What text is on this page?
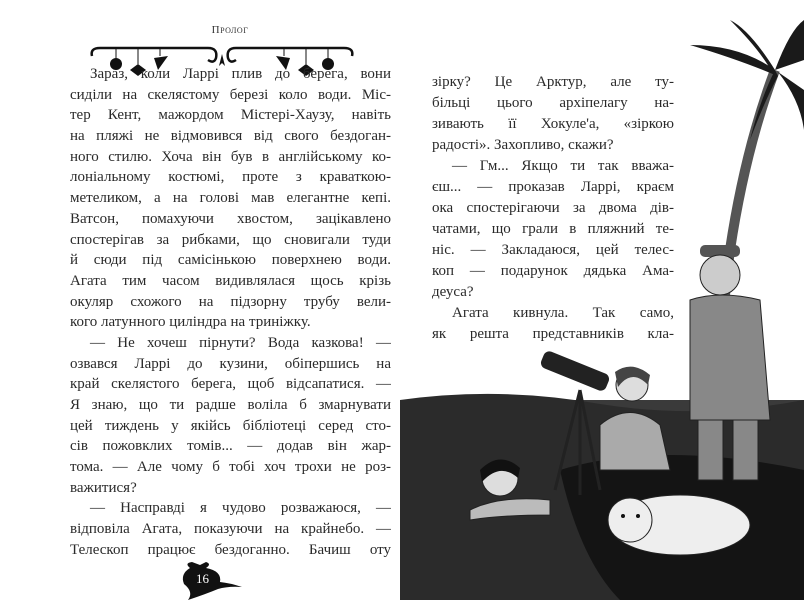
Пролог
Зараз, коли Ларрі плив до берега, вони
сиділи на скелястому березі коло води. Міс-
тер Кент, мажордом Містері-Хаузу, навіть
на пляжі не відмовився від свого бездоган-
ного стилю. Хоча він був в англійському ко-
лоніальному костюмі, проте з краваткою-
метеликом, а на голові мав елегантне кепі.
Ватсон, помахуючи хвостом, зацікавлено
спостерігав за рибками, що сновигали туди
й сюди під самісінькою поверхнею води.
Агата тим часом видивлялася щось крізь
окуляр схожого на підзорну трубу вели-
кого латунного циліндра на триніжку.
— Не хочеш пірнути? Вода казкова! —
озвався Ларрі до кузини, обіпершись на
край скелястого берега, щоб відсапатися. —
Я знаю, що ти радше воліла б змарнувати
цей тиждень у якійсь бібліотеці серед сто-
сів пожовклих томів... — додав він жар-
тома. — Але чому б тобі хоч трохи не роз-
важитися?
— Насправді я чудово розважаюся, —
відповіла Агата, показуючи на крайнебо. —
Телескоп працює бездоганно. Бачиш оту
зірку? Це Арктур, але ту-
більці цього архіпелагу на-
зивають її Хокуле'а, «зіркою
радості». Захопливо, скажи?
— Гм... Якщо ти так вважа-
єш... — проказав Ларрі, краєм
ока спостерігаючи за двома дів-
чатами, що грали в пляжний те-
ніс. — Закладаюся, цей телес-
коп — подарунок дядька Ама-
деуса?
Агата кивнула. Так само,
як решта представників кла-
16
